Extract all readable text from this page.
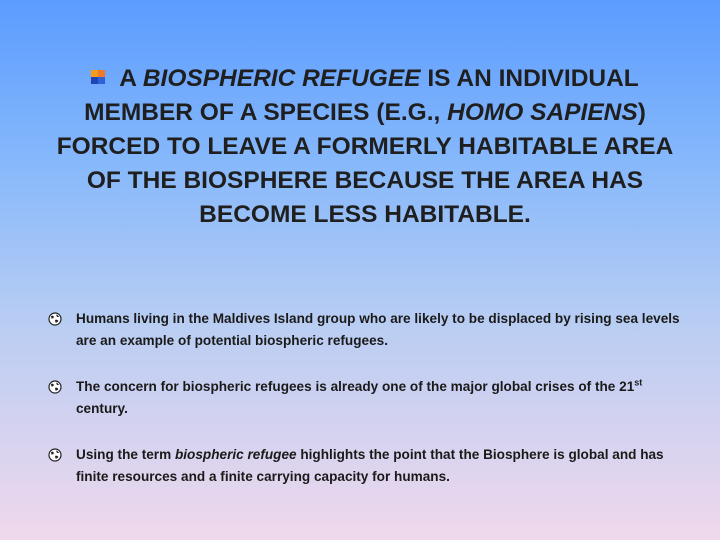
A BIOSPHERIC REFUGEE IS AN INDIVIDUAL MEMBER OF A SPECIES (E.G., HOMO SAPIENS) FORCED TO LEAVE A FORMERLY HABITABLE AREA OF THE BIOSPHERE BECAUSE THE AREA HAS BECOME LESS HABITABLE.
Humans living in the Maldives Island group who are likely to be displaced by rising sea levels are an example of potential biospheric refugees.
The concern for biospheric refugees is already one of the major global crises of the 21st century.
Using the term biospheric refugee highlights the point that the Biosphere is global and has finite resources and a finite carrying capacity for humans.
